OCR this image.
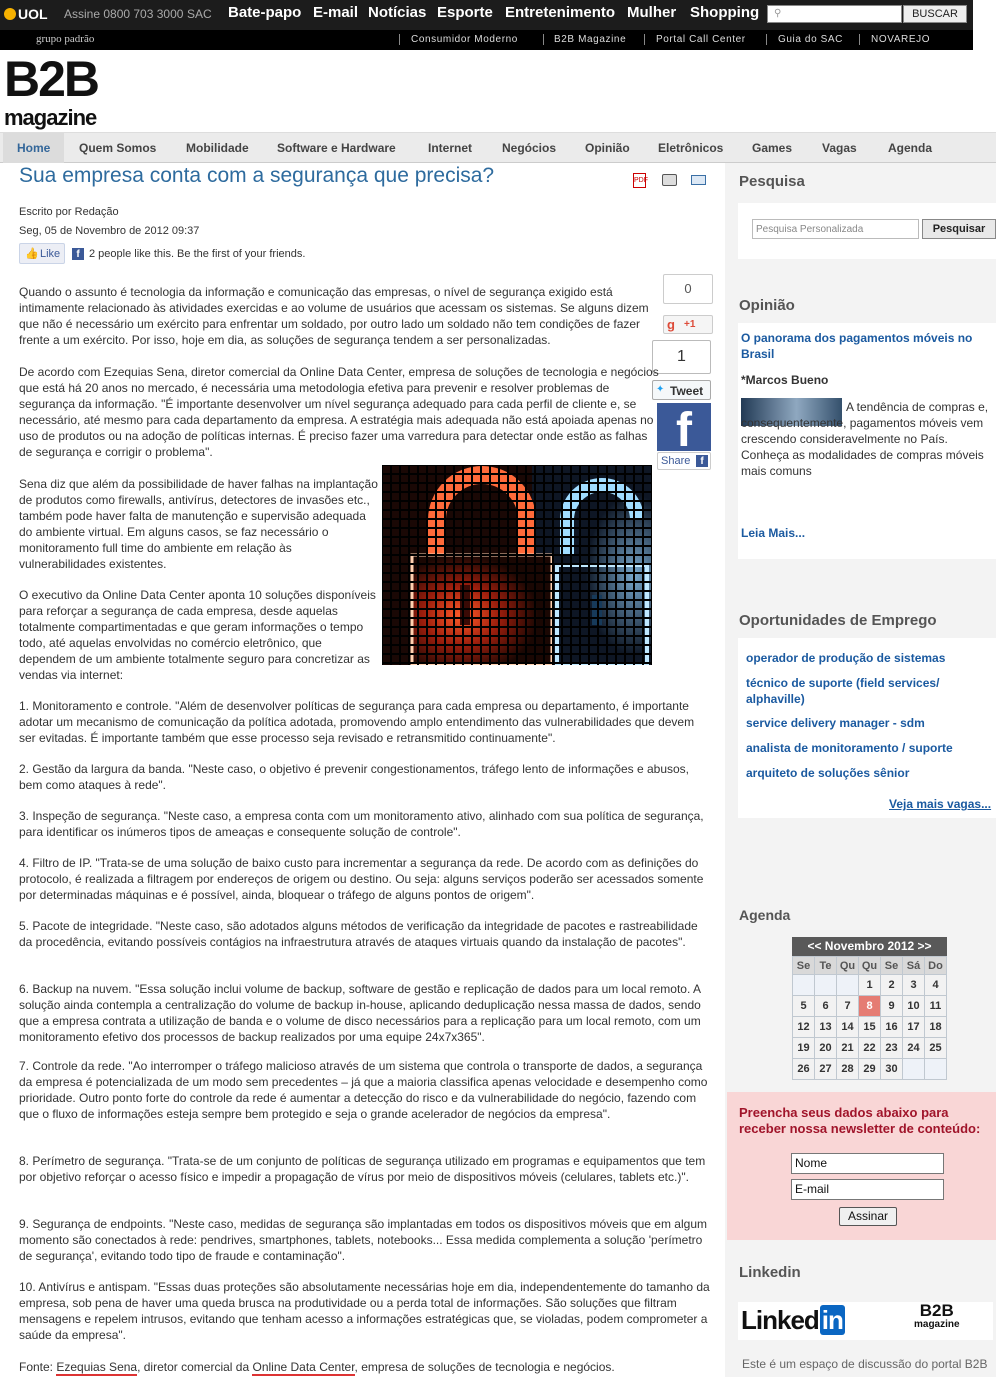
UOL Assine 0800 703 3000 SAC Bate-papo E-mail Notícias Esporte Entretenimento Mulher Shopping ⚲	BUSCAR
grupo padrão	Consumidor Moderno	B2B Magazine	Portal Call Center	Guia do SAC	NOVAREJO
B2B
magazine
Home	Quem Somos Mobilidade Software e Hardware	Internet Negócios Opinião Eletrônicos Games Vagas	Agenda
Sua empresa conta com a segurança que precisa?	PDF
Escrito por Redação
Seg, 05 de Novembro de 2012 09:37
👍 Like	f 2 people like this. Be the first of your friends.
0
g +1
1
✦ Tweet
f
Share f

Quando o assunto é tecnologia da informação e comunicação das empresas, o nível de segurança exigido está intimamente relacionado às atividades exercidas e ao volume de usuários que acessam os sistemas. Se alguns dizem que não é necessário um exército para enfrentar um soldado, por outro lado um soldado não tem condições de fazer frente a um exército. Por isso, hoje em dia, as soluções de segurança tendem a ser personalizadas.

De acordo com Ezequias Sena, diretor comercial da Online Data Center, empresa de soluções de tecnologia e negócios que está há 20 anos no mercado, é necessária uma metodologia efetiva para prevenir e resolver problemas de segurança da informação. "É importante desenvolver um nível segurança adequado para cada perfil de cliente e, se necessário, até mesmo para cada departamento da empresa. A estratégia mais adequada não está apoiada apenas no uso de produtos ou na adoção de políticas internas. É preciso fazer uma varredura para detectar onde estão as falhas de segurança e corrigir o problema".

Sena diz que além da possibilidade de haver falhas na implantação de produtos como firewalls, antivírus, detectores de invasões etc., também pode haver falta de manutenção e supervisão adequada do ambiente virtual. Em alguns casos, se faz necessário o monitoramento full time do ambiente em relação às vulnerabilidades existentes.

O executivo da Online Data Center aponta 10 soluções disponíveis para reforçar a segurança de cada empresa, desde aquelas totalmente compartimentadas e que geram informações o tempo todo, até aquelas envolvidas no comércio eletrônico, que dependem de um ambiente totalmente seguro para concretizar as vendas via internet:

1. Monitoramento e controle. "Além de desenvolver políticas de segurança para cada empresa ou departamento, é importante adotar um mecanismo de comunicação da política adotada, promovendo amplo entendimento das vulnerabilidades que devem ser evitadas. É importante também que esse processo seja revisado e retransmitido continuamente".

2. Gestão da largura da banda. "Neste caso, o objetivo é prevenir congestionamentos, tráfego lento de informações e abusos, bem como ataques à rede".

3. Inspeção de segurança. "Neste caso, a empresa conta com um monitoramento ativo, alinhado com sua política de segurança, para identificar os inúmeros tipos de ameaças e consequente solução de controle".

4. Filtro de IP. "Trata-se de uma solução de baixo custo para incrementar a segurança da rede. De acordo com as definições do protocolo, é realizada a filtragem por endereços de origem ou destino. Ou seja: alguns serviços poderão ser acessados somente por determinadas máquinas e é possível, ainda, bloquear o tráfego de alguns pontos de origem".

5. Pacote de integridade. "Neste caso, são adotados alguns métodos de verificação da integridade de pacotes e rastreabilidade da procedência, evitando possíveis contágios na infraestrutura através de ataques virtuais quando da instalação de pacotes".

6. Backup na nuvem. "Essa solução inclui volume de backup, software de gestão e replicação de dados para um local remoto. A solução ainda contempla a centralização do volume de backup in-house, aplicando deduplicação nessa massa de dados, sendo que a empresa contrata a utilização de banda e o volume de disco necessários para a replicação para um local remoto, com um monitoramento efetivo dos processos de backup realizados por uma equipe 24x7x365".

7. Controle da rede. "Ao interromper o tráfego malicioso através de um sistema que controla o transporte de dados, a segurança da empresa é potencializada de um modo sem precedentes – já que a maioria classifica apenas velocidade e desempenho como prioridade. Outro ponto forte do controle da rede é aumentar a detecção do risco e da vulnerabilidade do negócio, fazendo com que o fluxo de informações esteja sempre bem protegido e seja o grande acelerador de negócios da empresa".

8. Perímetro de segurança. "Trata-se de um conjunto de políticas de segurança utilizado em programas e equipamentos que tem por objetivo reforçar o acesso físico e impedir a propagação de vírus por meio de dispositivos móveis (celulares, tablets etc.)".

9. Segurança de endpoints. "Neste caso, medidas de segurança são implantadas em todos os dispositivos móveis que em algum momento são conectados à rede: pendrives, smartphones, tablets, notebooks... Essa medida complementa a solução 'perímetro de segurança', evitando todo tipo de fraude e contaminação".

10. Antivírus e antispam. "Essas duas proteções são absolutamente necessárias hoje em dia, independentemente do tamanho da empresa, sob pena de haver uma queda brusca na produtividade ou a perda total de informações. São soluções que filtram mensagens e repelem intrusos, evitando que tenham acesso a informações estratégicas que, se violadas, podem comprometer a saúde da empresa".

Fonte: Ezequias Sena, diretor comercial da Online Data Center, empresa de soluções de tecnologia e negócios.

Pesquisa
Pesquisa Personalizada	Pesquisar
Opinião
O panorama dos pagamentos móveis no Brasil
*Marcos Bueno
A tendência de compras e, consequentemente, pagamentos móveis vem crescendo consideravelmente no País. Conheça as modalidades de compras móveis mais comuns
Leia Mais...
Oportunidades de Emprego
operador de produção de sistemas
técnico de suporte (field services/ alphaville)
service delivery manager - sdm
analista de monitoramento / suporte
arquiteto de soluções sênior
Veja mais vagas...
Agenda
Se	Te	Qu	Qu	Se	Sá	Do
			1	2	3	4
5	6	7	8	9	10	11
12	13	14	15	16	17	18
19	20	21	22	23	24	25
26	27	28	29	30		
<< Novembro 2012 >>
Preencha seus dados abaixo para receber nossa newsletter de conteúdo:
Nome
E-mail
Assinar
Linkedin
Linked in	B2B
magazine
Este é um espaço de discussão do portal B2B
